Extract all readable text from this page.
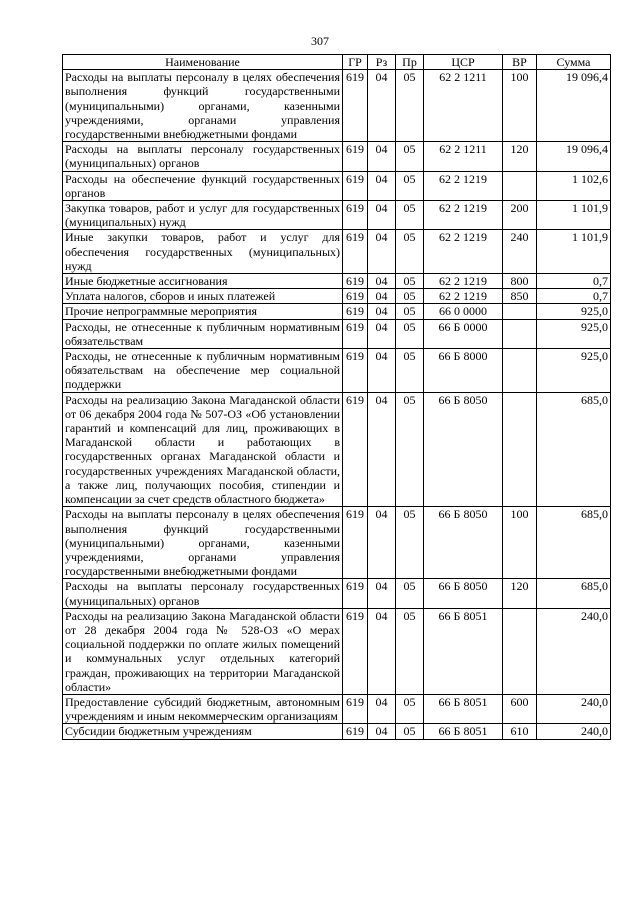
307
Наименование	ГР	Рз	Пр	ЦСР	ВР	Сумма
Расходы на выплаты персоналу в целях обеспечения выполнения функций государственными (муниципальными) органами, казенными учреждениями, органами управления государственными внебюджетными фондами	619	04	05	62 2 1211	100	19 096,4
Расходы на выплаты персоналу государственных (муниципальных) органов	619	04	05	62 2 1211	120	19 096,4
Расходы на обеспечение функций государственных органов	619	04	05	62 2 1219		1 102,6
Закупка товаров, работ и услуг для государственных (муниципальных) нужд	619	04	05	62 2 1219	200	1 101,9
Иные закупки товаров, работ и услуг для обеспечения государственных (муниципальных) нужд	619	04	05	62 2 1219	240	1 101,9
Иные бюджетные ассигнования	619	04	05	62 2 1219	800	0,7
Уплата налогов, сборов и иных платежей	619	04	05	62 2 1219	850	0,7
Прочие непрограммные мероприятия	619	04	05	66 0 0000		925,0
Расходы, не отнесенные к публичным нормативным обязательствам	619	04	05	66 Б 0000		925,0
Расходы, не отнесенные к публичным нормативным обязательствам на обеспечение мер социальной поддержки	619	04	05	66 Б 8000		925,0
Расходы на реализацию Закона Магаданской области от 06 декабря 2004 года № 507-ОЗ «Об установлении гарантий и компенсаций для лиц, проживающих в Магаданской области и работающих в государственных органах Магаданской области и государственных учреждениях Магаданской области, а также лиц, получающих пособия, стипендии и компенсации за счет средств областного бюджета»	619	04	05	66 Б 8050		685,0
Расходы на выплаты персоналу в целях обеспечения выполнения функций государственными (муниципальными) органами, казенными учреждениями, органами управления государственными внебюджетными фондами	619	04	05	66 Б 8050	100	685,0
Расходы на выплаты персоналу государственных (муниципальных) органов	619	04	05	66 Б 8050	120	685,0
Расходы на реализацию Закона Магаданской области от 28 декабря 2004 года № 528-ОЗ «О мерах социальной поддержки по оплате жилых помещений и коммунальных услуг отдельных категорий граждан, проживающих на территории Магаданской области»	619	04	05	66 Б 8051		240,0
Предоставление субсидий бюджетным, автономным учреждениям и иным некоммерческим организациям	619	04	05	66 Б 8051	600	240,0
Субсидии бюджетным учреждениям	619	04	05	66 Б 8051	610	240,0
